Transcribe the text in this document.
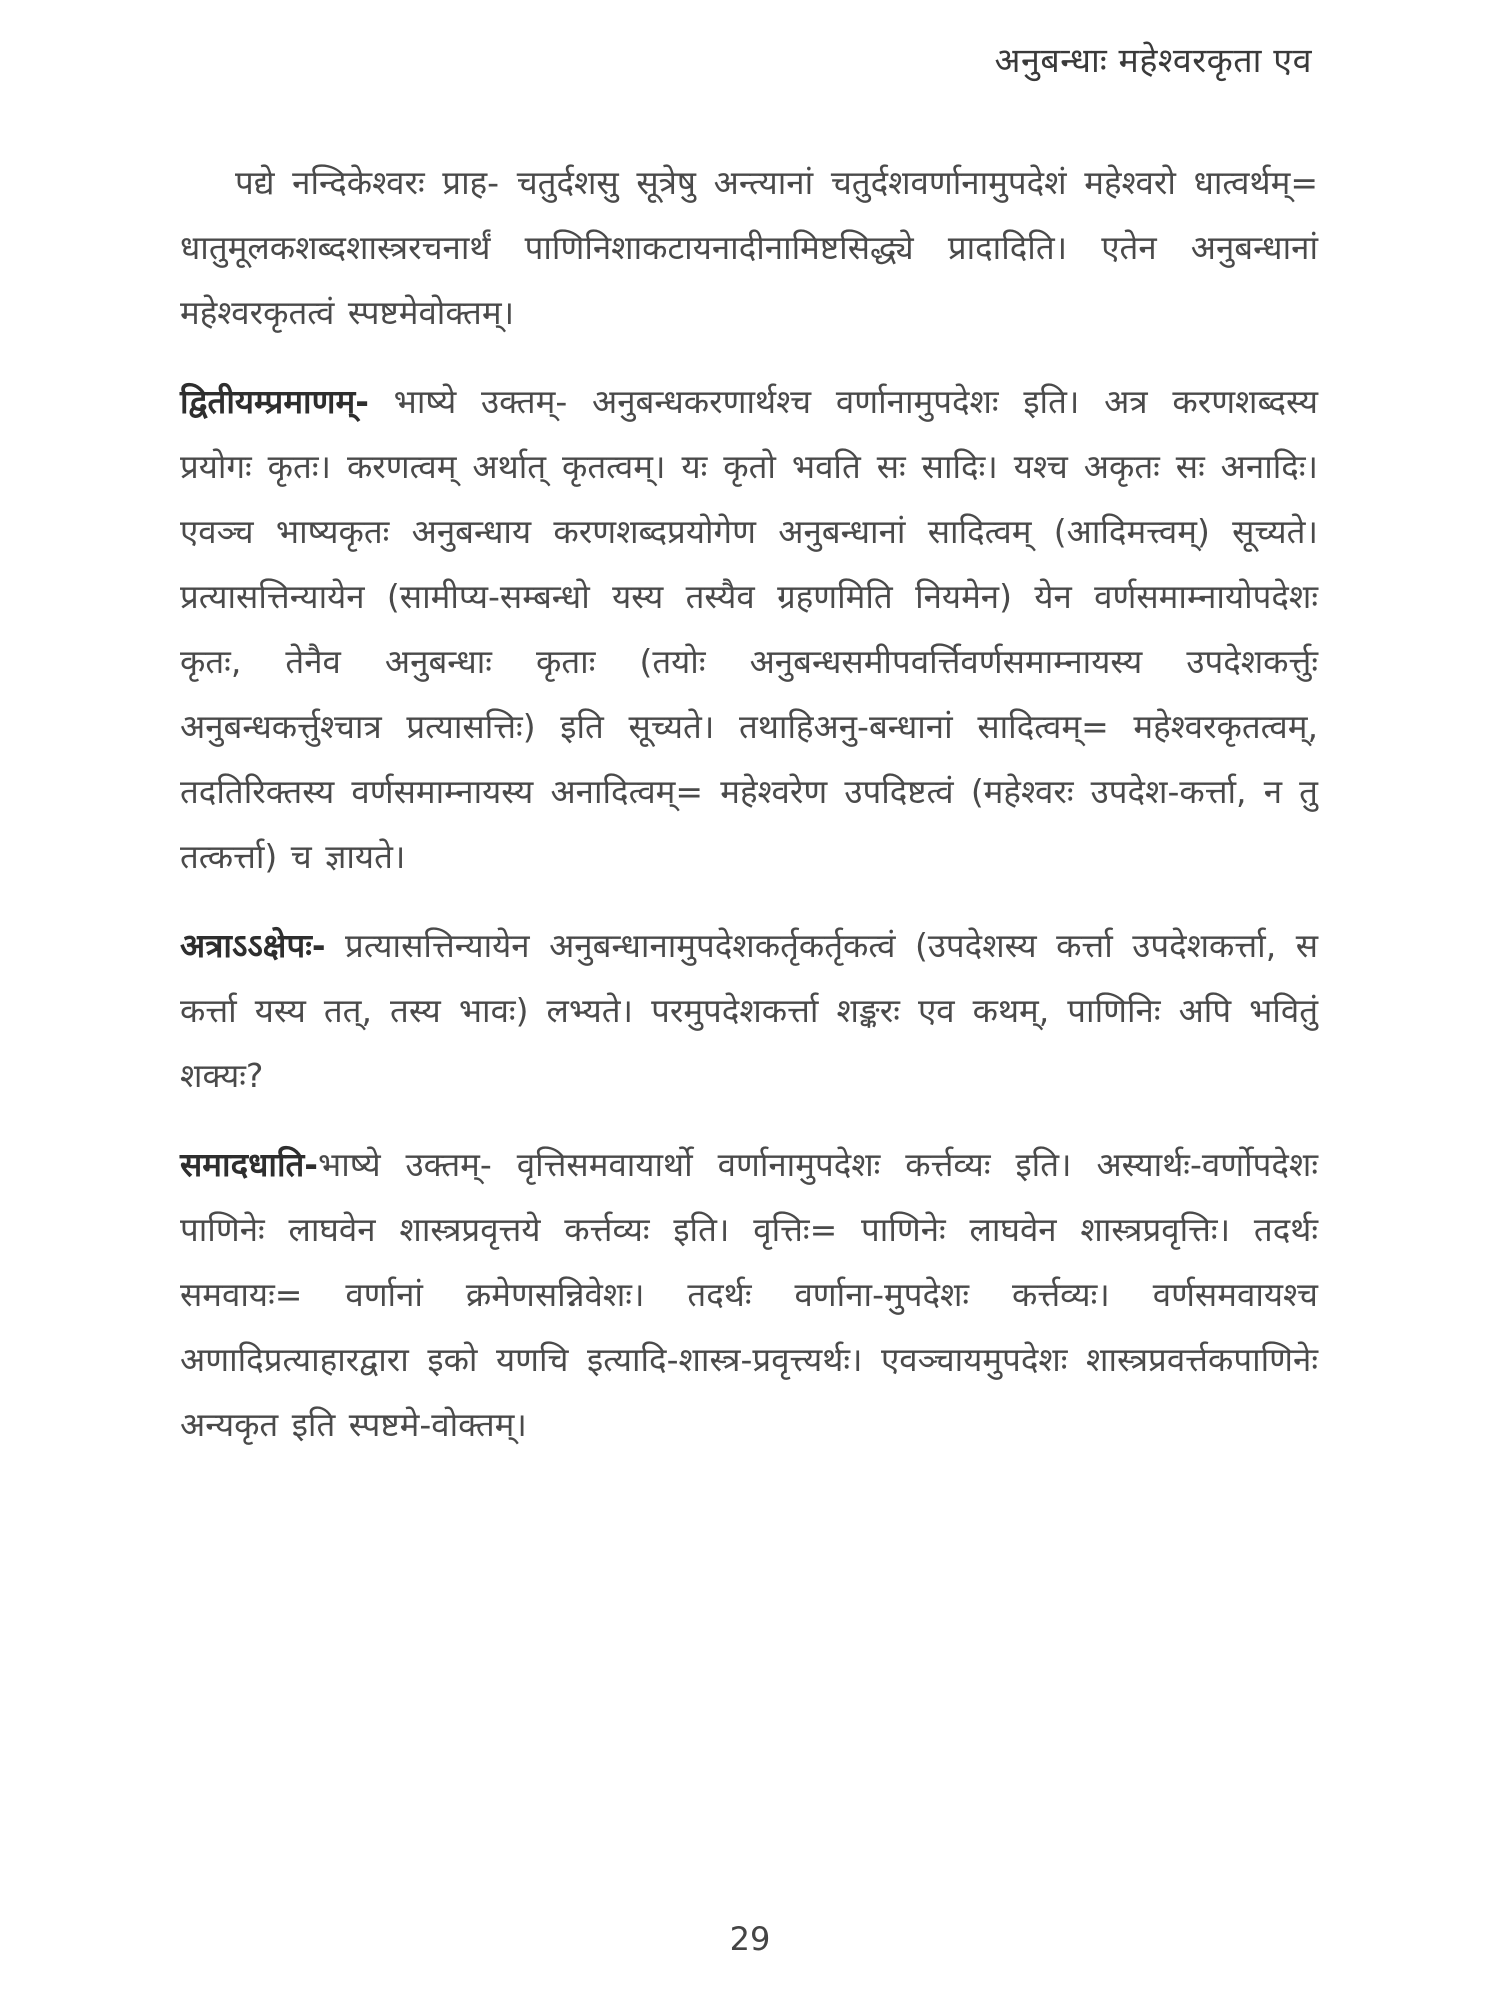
अनुबन्धाः महेश्वरकृता एव

पद्ये नन्दिकेश्वरः प्राह- चतुर्दशसु सूत्रेषु अन्त्यानां चतुर्दशवर्णानामुपदेशं महेश्वरो धात्वर्थम्= धातुमूलकशब्दशास्त्ररचनार्थं पाणिनिशाकटायनादीनामिष्टसिद्ध्ये प्रादादिति। एतेन अनुबन्धानां महेश्वरकृतत्वं स्पष्टमेवोक्तम्।

द्वितीयम्प्रमाणम्- भाष्ये उक्तम्- अनुबन्धकरणार्थश्च वर्णानामुपदेशः इति। अत्र करणशब्दस्य प्रयोगः कृतः। करणत्वम् अर्थात् कृतत्वम्। यः कृतो भवति सः सादिः। यश्च अकृतः सः अनादिः। एवञ्च भाष्यकृतः अनुबन्धाय करणशब्दप्रयोगेण अनुबन्धानां सादित्वम् (आदिमत्त्वम्) सूच्यते। प्रत्यासत्तिन्यायेन (सामीप्य-सम्बन्धो यस्य तस्यैव ग्रहणमिति नियमेन) येन वर्णसमाम्नायोपदेशः कृतः, तेनैव अनुबन्धाः कृताः (तयोः अनुबन्धसमीपवर्त्तिवर्णसमाम्नायस्य उपदेशकर्त्तुः अनुबन्धकर्त्तुश्चात्र प्रत्यासत्तिः) इति सूच्यते। तथाहिअनु-बन्धानां सादित्वम्= महेश्वरकृतत्वम्, तदतिरिक्तस्य वर्णसमाम्नायस्य अनादित्वम्= महेश्वरेण उपदिष्टत्वं (महेश्वरः उपदेश-कर्त्ता, न तु तत्कर्त्ता) च ज्ञायते।

अत्राऽऽक्षेपः- प्रत्यासत्तिन्यायेन अनुबन्धानामुपदेशकर्तृकर्तृकत्वं (उपदेशस्य कर्त्ता उपदेशकर्त्ता, स कर्त्ता यस्य तत्, तस्य भावः) लभ्यते। परमुपदेशकर्त्ता शङ्करः एव कथम्, पाणिनिः अपि भवितुं शक्यः?

समादधाति-भाष्ये उक्तम्- वृत्तिसमवायार्थो वर्णानामुपदेशः कर्त्तव्यः इति। अस्यार्थः-वर्णोपदेशः पाणिनेः लाघवेन शास्त्रप्रवृत्तये कर्त्तव्यः इति। वृत्तिः= पाणिनेः लाघवेन शास्त्रप्रवृत्तिः। तदर्थः समवायः= वर्णानां क्रमेणसन्निवेशः। तदर्थः वर्णाना-मुपदेशः कर्त्तव्यः। वर्णसमवायश्च अणादिप्रत्याहारद्वारा इको यणचि इत्यादि-शास्त्र-प्रवृत्त्यर्थः। एवञ्चायमुपदेशः शास्त्रप्रवर्त्तकपाणिनेः अन्यकृत इति स्पष्टमे-वोक्तम्।

29
